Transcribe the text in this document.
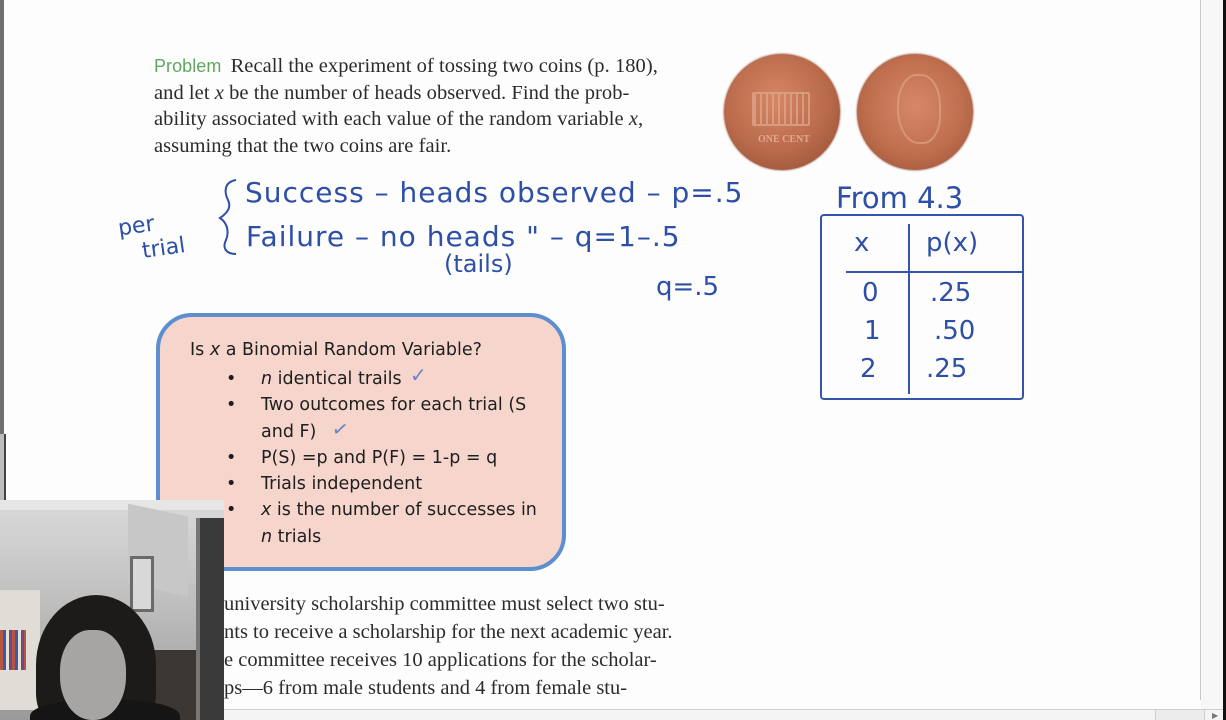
▶
Problem Recall the experiment of tossing two coins (p. 180),
and let x be the number of heads observed. Find the prob-
ability associated with each value of the random variable x,
assuming that the two coins are fair.	ONE CENT
Success – heads observed – p=.5
Failure – no heads " – q=1–.5
(tails)
q=.5
per
trial
From 4.3
x p(x)
0 .25
1 .50
2 .25
Is x a Binomial Random Variable?
• n identical trails
• Two outcomes for each trial (S and F)
• P(S) =p and P(F) = 1-p = q
• Trials independent
• x is the number of successes in n trials
✓
✓
university scholarship committee must select two stu-
nts to receive a scholarship for the next academic year.
e committee receives 10 applications for the scholar-
ps—6 from male students and 4 from female stu-
